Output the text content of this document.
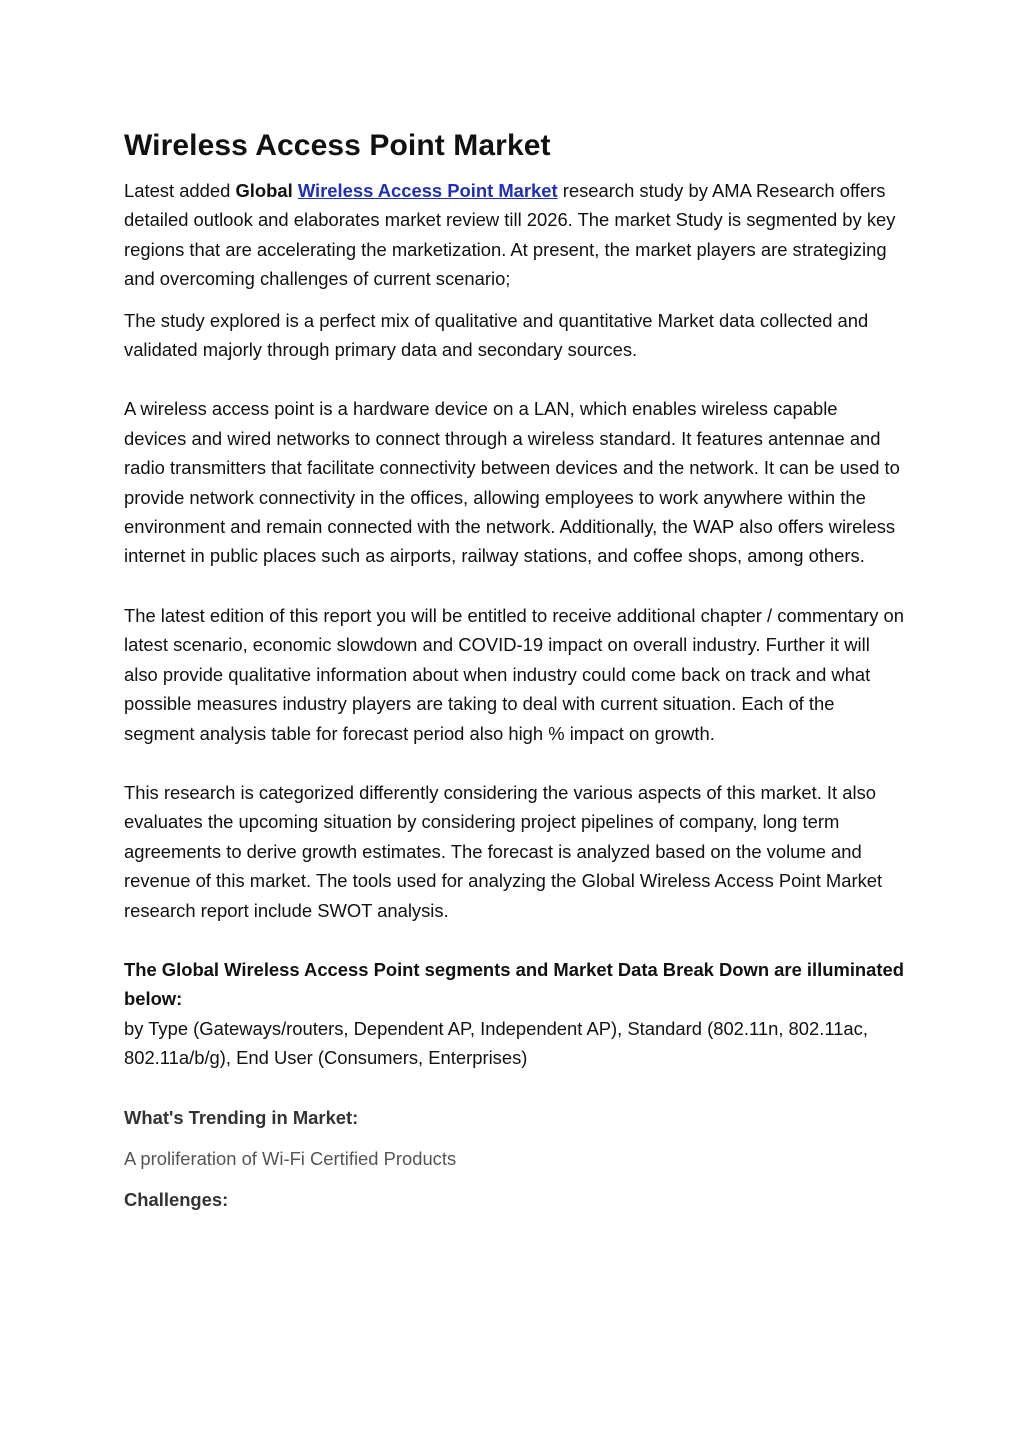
Wireless Access Point Market

Latest added Global Wireless Access Point Market research study by AMA Research offers detailed outlook and elaborates market review till 2026. The market Study is segmented by key regions that are accelerating the marketization. At present, the market players are strategizing and overcoming challenges of current scenario;

The study explored is a perfect mix of qualitative and quantitative Market data collected and validated majorly through primary data and secondary sources.

A wireless access point is a hardware device on a LAN, which enables wireless capable devices and wired networks to connect through a wireless standard. It features antennae and radio transmitters that facilitate connectivity between devices and the network. It can be used to provide network connectivity in the offices, allowing employees to work anywhere within the environment and remain connected with the network. Additionally, the WAP also offers wireless internet in public places such as airports, railway stations, and coffee shops, among others.

The latest edition of this report you will be entitled to receive additional chapter / commentary on latest scenario, economic slowdown and COVID-19 impact on overall industry. Further it will also provide qualitative information about when industry could come back on track and what possible measures industry players are taking to deal with current situation. Each of the segment analysis table for forecast period also high % impact on growth.

This research is categorized differently considering the various aspects of this market. It also evaluates the upcoming situation by considering project pipelines of company, long term agreements to derive growth estimates. The forecast is analyzed based on the volume and revenue of this market. The tools used for analyzing the Global Wireless Access Point Market research report include SWOT analysis.

The Global Wireless Access Point segments and Market Data Break Down are illuminated below:

by Type (Gateways/routers, Dependent AP, Independent AP), Standard (802.11n, 802.11ac, 802.11a/b/g), End User (Consumers, Enterprises)

What's Trending in Market:

A proliferation of Wi-Fi Certified Products

Challenges:
